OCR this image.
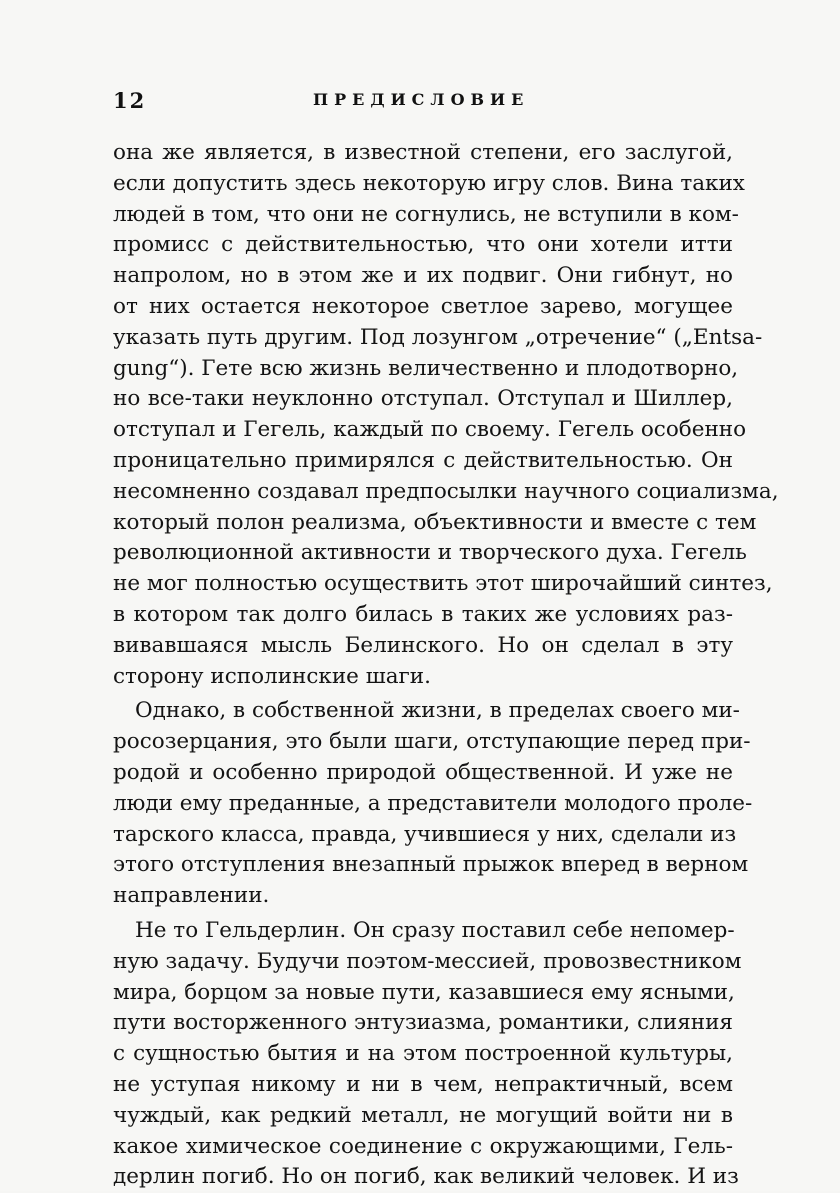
12	ПРЕДИСЛОВИЕ
она же является, в известной степени, его заслугой,
если допустить здесь некоторую игру слов. Вина таких
людей в том, что они не согнулись, не вступили в ком-
промисс с действительностью, что они хотели итти
напролом, но в этом же и их подвиг. Они гибнут, но
от них остается некоторое светлое зарево, могущее
указать путь другим. Под лозунгом „отречение“ („Entsa-
gung“). Гете всю жизнь величественно и плодотворно,
но все-таки неуклонно отступал. Отступал и Шиллер,
отступал и Гегель, каждый по своему. Гегель особенно
проницательно примирялся с действительностью. Он
несомненно создавал предпосылки научного социализма,
который полон реализма, объективности и вместе с тем
революционной активности и творческого духа. Гегель
не мог полностью осуществить этот широчайший синтез,
в котором так долго билась в таких же условиях раз-
вивавшаяся мысль Белинского. Но он сделал в эту
сторону исполинские шаги.
Однако, в собственной жизни, в пределах своего ми-
росозерцания, это были шаги, отступающие перед при-
родой и особенно природой общественной. И уже не
люди ему преданные, а представители молодого проле-
тарского класса, правда, учившиеся у них, сделали из
этого отступления внезапный прыжок вперед в верном
направлении.
Не то Гельдерлин. Он сразу поставил себе непомер-
ную задачу. Будучи поэтом-мессией, провозвестником
мира, борцом за новые пути, казавшиеся ему ясными,
пути восторженного энтузиазма, романтики, слияния
с сущностью бытия и на этом построенной культуры,
не уступая никому и ни в чем, непрактичный, всем
чуждый, как редкий металл, не могущий войти ни в
какое химическое соединение с окружающими, Гель-
дерлин погиб. Но он погиб, как великий человек. И из
